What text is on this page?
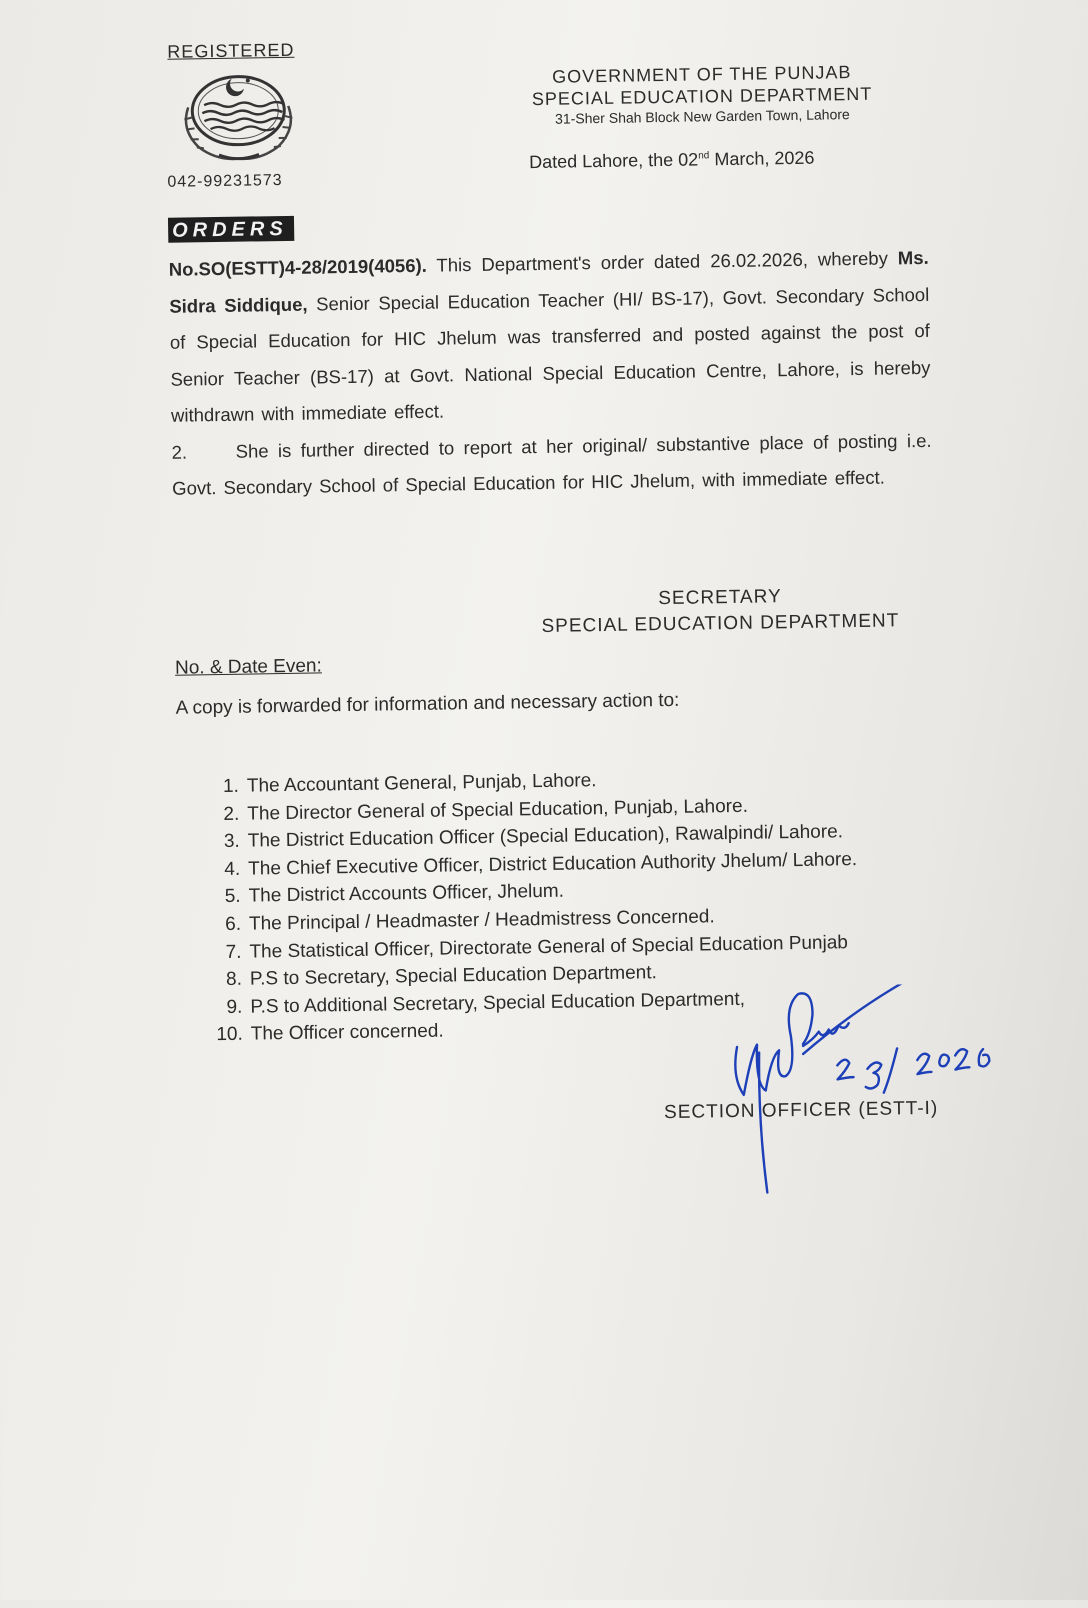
REGISTERED
042-99231573
GOVERNMENT OF THE PUNJAB
SPECIAL EDUCATION DEPARTMENT
31-Sher Shah Block New Garden Town, Lahore
Dated Lahore, the 02nd March, 2026
ORDERS
No.SO(ESTT)4-28/2019(4056). This Department's order dated 26.02.2026, whereby Ms. Sidra Siddique, Senior Special Education Teacher (HI/ BS-17), Govt. Secondary School of Special Education for HIC Jhelum was transferred and posted against the post of Senior Teacher (BS-17) at Govt. National Special Education Centre, Lahore, is hereby withdrawn with immediate effect.
2.	She is further directed to report at her original/ substantive place of posting i.e. Govt. Secondary School of Special Education for HIC Jhelum, with immediate effect.
SECRETARY
SPECIAL EDUCATION DEPARTMENT
No. & Date Even:
A copy is forwarded for information and necessary action to:
1. The Accountant General, Punjab, Lahore.
2. The Director General of Special Education, Punjab, Lahore.
3. The District Education Officer (Special Education), Rawalpindi/ Lahore.
4. The Chief Executive Officer, District Education Authority Jhelum/ Lahore.
5. The District Accounts Officer, Jhelum.
6. The Principal / Headmaster / Headmistress Concerned.
7. The Statistical Officer, Directorate General of Special Education Punjab
8. P.S to Secretary, Special Education Department.
9. P.S to Additional Secretary, Special Education Department,
10. The Officer concerned.
SECTION OFFICER (ESTT-I)
